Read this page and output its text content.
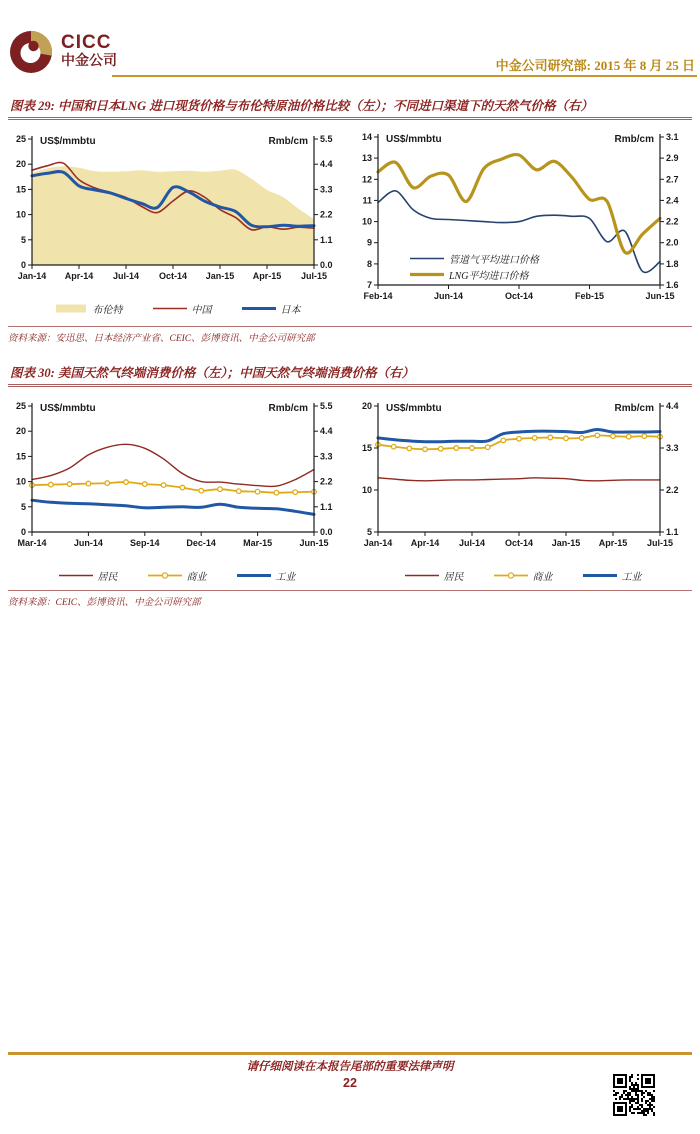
CICC
中金公司	中金公司研究部: 2015 年 8 月 25 日
图表 29: 中国和日本LNG 进口现货价格与布伦特原油价格比较（左）；不同进口渠道下的天然气价格（右）
25
20
15
10
5
0
5.5
4.4
3.3
2.2
1.1
0.0
Jan-14 Apr-14 Jul-14 Oct-14 Jan-15 Apr-15 Jul-15
US$/mmbtu	Rmb/cm
布伦特	中国	日本
14
13
12
11
10
9
8
7
3.1
2.9
2.7
2.4
2.2
2.0
1.8
1.6
Feb-14	Jun-14	Oct-14	Feb-15	Jun-15
US$/mmbtu	Rmb/cm
管道气平均进口价格
LNG平均进口价格
资料来源：安迅思、日本经济产业省、CEIC、彭博资讯、中金公司研究部
图表 30: 美国天然气终端消费价格（左）；中国天然气终端消费价格（右）
25
20
15
10
5
0
5.5
4.4
3.3
2.2
1.1
0.0
Mar-14	Jun-14	Sep-14	Dec-14	Mar-15	Jun-15
US$/mmbtu	Rmb/cm
居民	商业	工业
20
15
10
5
4.4
3.3
2.2
1.1
Jan-14 Apr-14 Jul-14 Oct-14 Jan-15 Apr-15 Jul-15
US$/mmbtu	Rmb/cm
居民	商业	工业
资料来源：CEIC、彭博资讯、中金公司研究部
请仔细阅读在本报告尾部的重要法律声明
22
